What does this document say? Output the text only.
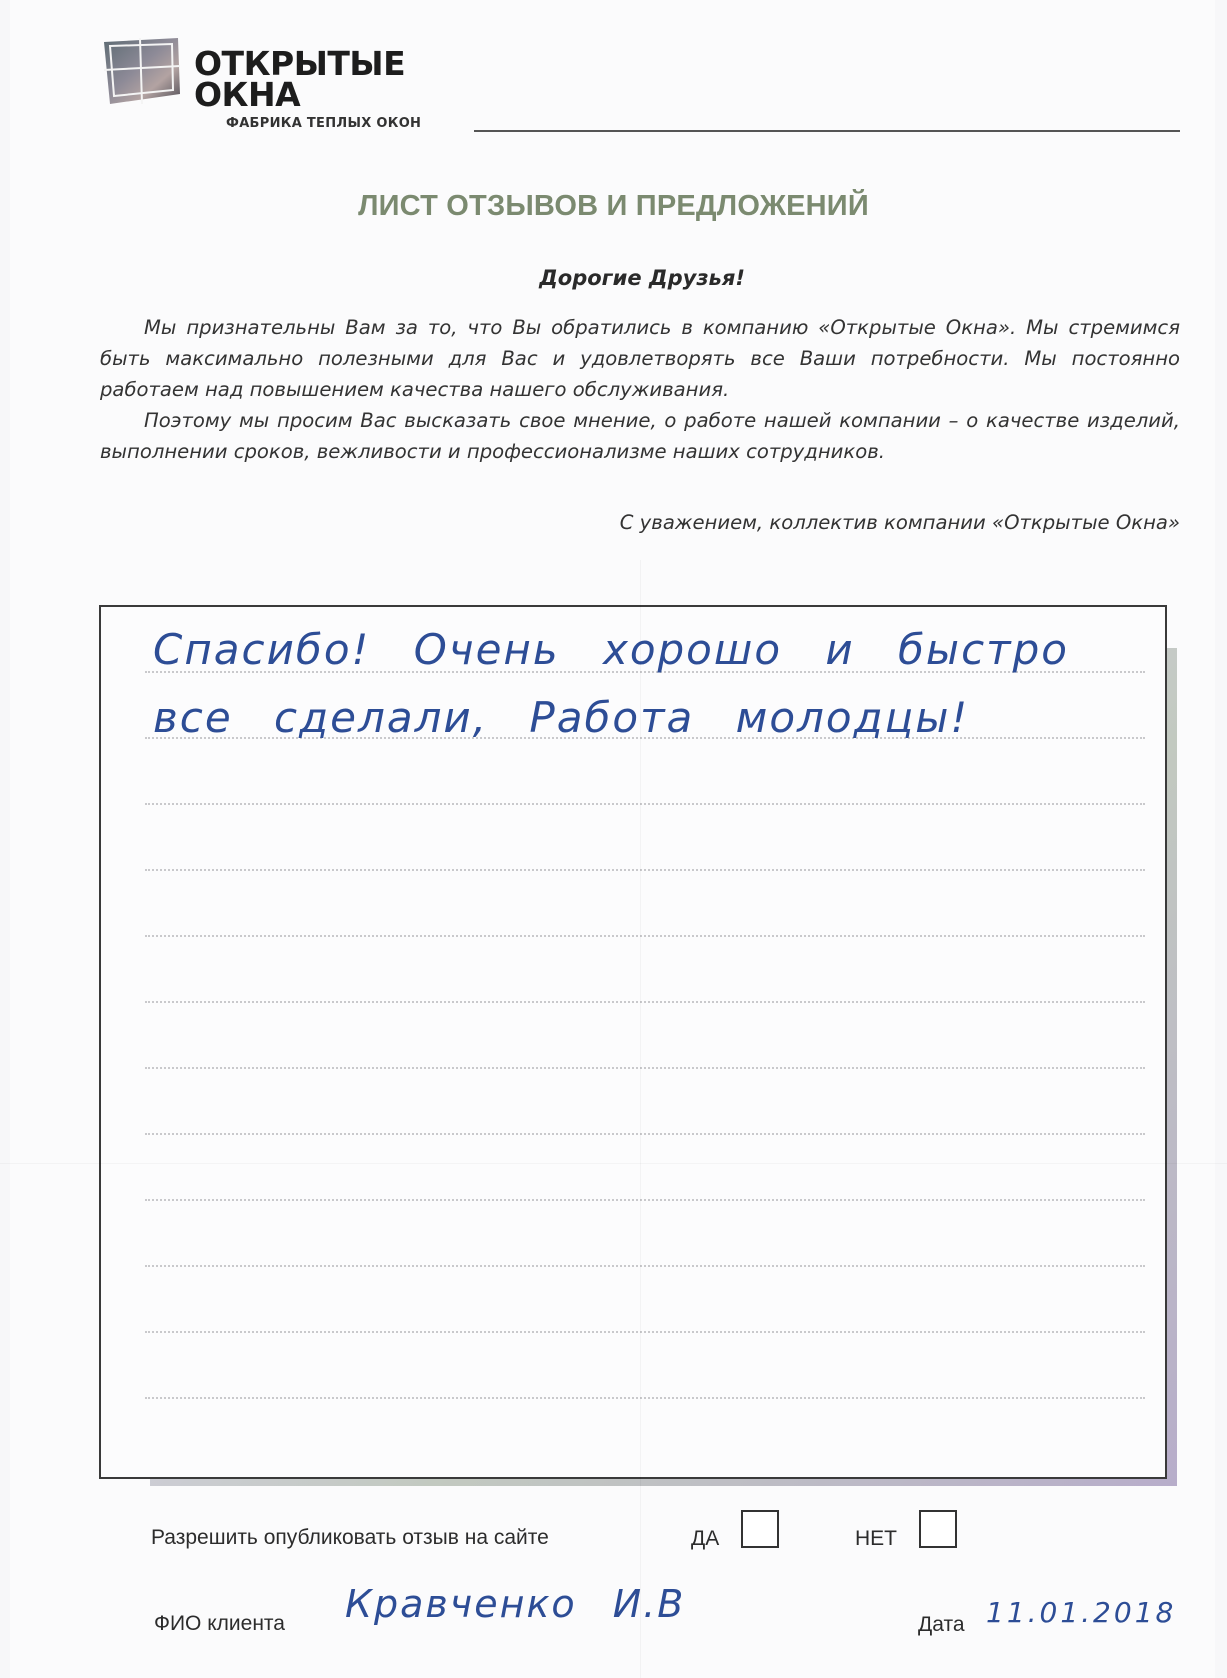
ОТКРЫТЫЕ
ОКНА
ФАБРИКА ТЕПЛЫХ ОКОН
ЛИСТ ОТЗЫВОВ И ПРЕДЛОЖЕНИЙ
Дорогие Друзья!

Мы признательны Вам за то, что Вы обратились в компанию «Открытые Окна». Мы стремимся быть максимально полезными для Вас и удовлетворять все Ваши потребности. Мы постоянно работаем над повышением качества нашего обслуживания.

Поэтому мы просим Вас высказать свое мнение, о работе нашей компании – о качестве изделий, выполнении сроков, вежливости и профессионализме наших сотрудников.

С уважением, коллектив компании «Открытые Окна»
Спасибо! Очень хорошо и быстро
все сделали, Работа молодцы!
Разрешить опубликовать отзыв на сайте	ДА	НЕТ
ФИО клиента Кравченко И.В	Дата 11.01.2018
